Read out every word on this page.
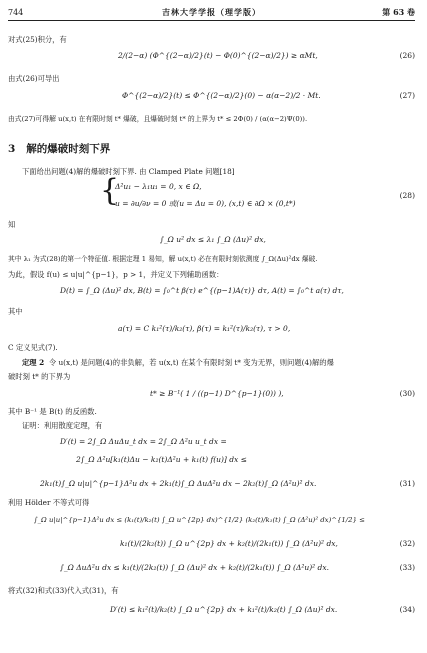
744	吉林大学学报（理学版）	第 63 卷
对式(25)积分，有
2/(2−α) (Φ^{(2−α)/2}(t) − Φ(0)^{(2−α)/2}) ≥ αMt,	(26)
由式(26)可导出
Φ^{(2−α)/2}(t) ≤ Φ^{(2−α)/2}(0) − α(α−2)/2 · Mt.	(27)
由式(27)可得解 u(x,t) 在有限时刻 t* 爆破，且爆破时刻 t* 的上界为 t* ≤ 2Φ(0) / (α(α−2)Ψ(0)).
3 解的爆破时刻下界
下面给出问题(4)解的爆破时刻下界. 由 Clamped Plate 问题[18]
{
Δ²u₁ − λ₁u₁ = 0, x ∈ Ω,
u = ∂u/∂ν = 0 或(u = Δu = 0), (x,t) ∈ ∂Ω × (0,t*)
(28)
知
∫_Ω u² dx ≤ λ₁ ∫_Ω (Δu)² dx,
其中 λ₁ 为式(28)的第一个特征值. 根据定理 1 易知，解 u(x,t) 必在有限时刻依测度 ∫_Ω(Δu)²dx 爆破.
为此，假设 f(u) ≤ u|u|^{p−1}，p > 1，并定义下列辅助函数：
D(t) = ∫_Ω (Δu)² dx, B(t) = ∫₀^t β(τ) e^{(p−1)A(τ)} dτ, A(t) = ∫₀^t a(τ) dτ,
其中
a(τ) = C k₁²(τ)/k₂(τ), β(τ) = k₁²(τ)/k₂(τ), τ > 0,
C 定义见式(7).
定理 2 令 u(x,t) 是问题(4)的非负解，若 u(x,t) 在某个有限时刻 t* 变为无界，则问题(4)解的爆
破时刻 t* 的下界为
t* ≥ B⁻¹( 1 / ((p−1) D^{p−1}(0)) ),	(30)
其中 B⁻¹ 是 B(t) 的反函数.
证明：利用散度定理，有
D′(t) = 2∫_Ω ΔuΔu_t dx = 2∫_Ω Δ²u u_t dx =
2∫_Ω Δ²u[k₁(t)Δu − k₂(t)Δ²u + k₁(t) f(u)] dx ≤
2k₁(t)∫_Ω u|u|^{p−1}Δ²u dx + 2k₁(t)∫_Ω ΔuΔ²u dx − 2k₂(t)∫_Ω (Δ²u)² dx.	(31)
利用 Hölder 不等式可得
∫_Ω u|u|^{p−1}Δ²u dx ≤ (k₁(t)/k₂(t) ∫_Ω u^{2p} dx)^{1/2} (k₂(t)/k₁(t) ∫_Ω (Δ²u)² dx)^{1/2} ≤
k₁(t)/(2k₂(t)) ∫_Ω u^{2p} dx + k₂(t)/(2k₁(t)) ∫_Ω (Δ²u)² dx,	(32)
∫_Ω ΔuΔ²u dx ≤ k₁(t)/(2k₂(t)) ∫_Ω (Δu)² dx + k₂(t)/(2k₁(t)) ∫_Ω (Δ²u)² dx.	(33)
将式(32)和式(33)代入式(31)，有
D′(t) ≤ k₁²(t)/k₂(t) ∫_Ω u^{2p} dx + k₁²(t)/k₂(t) ∫_Ω (Δu)² dx.	(34)
